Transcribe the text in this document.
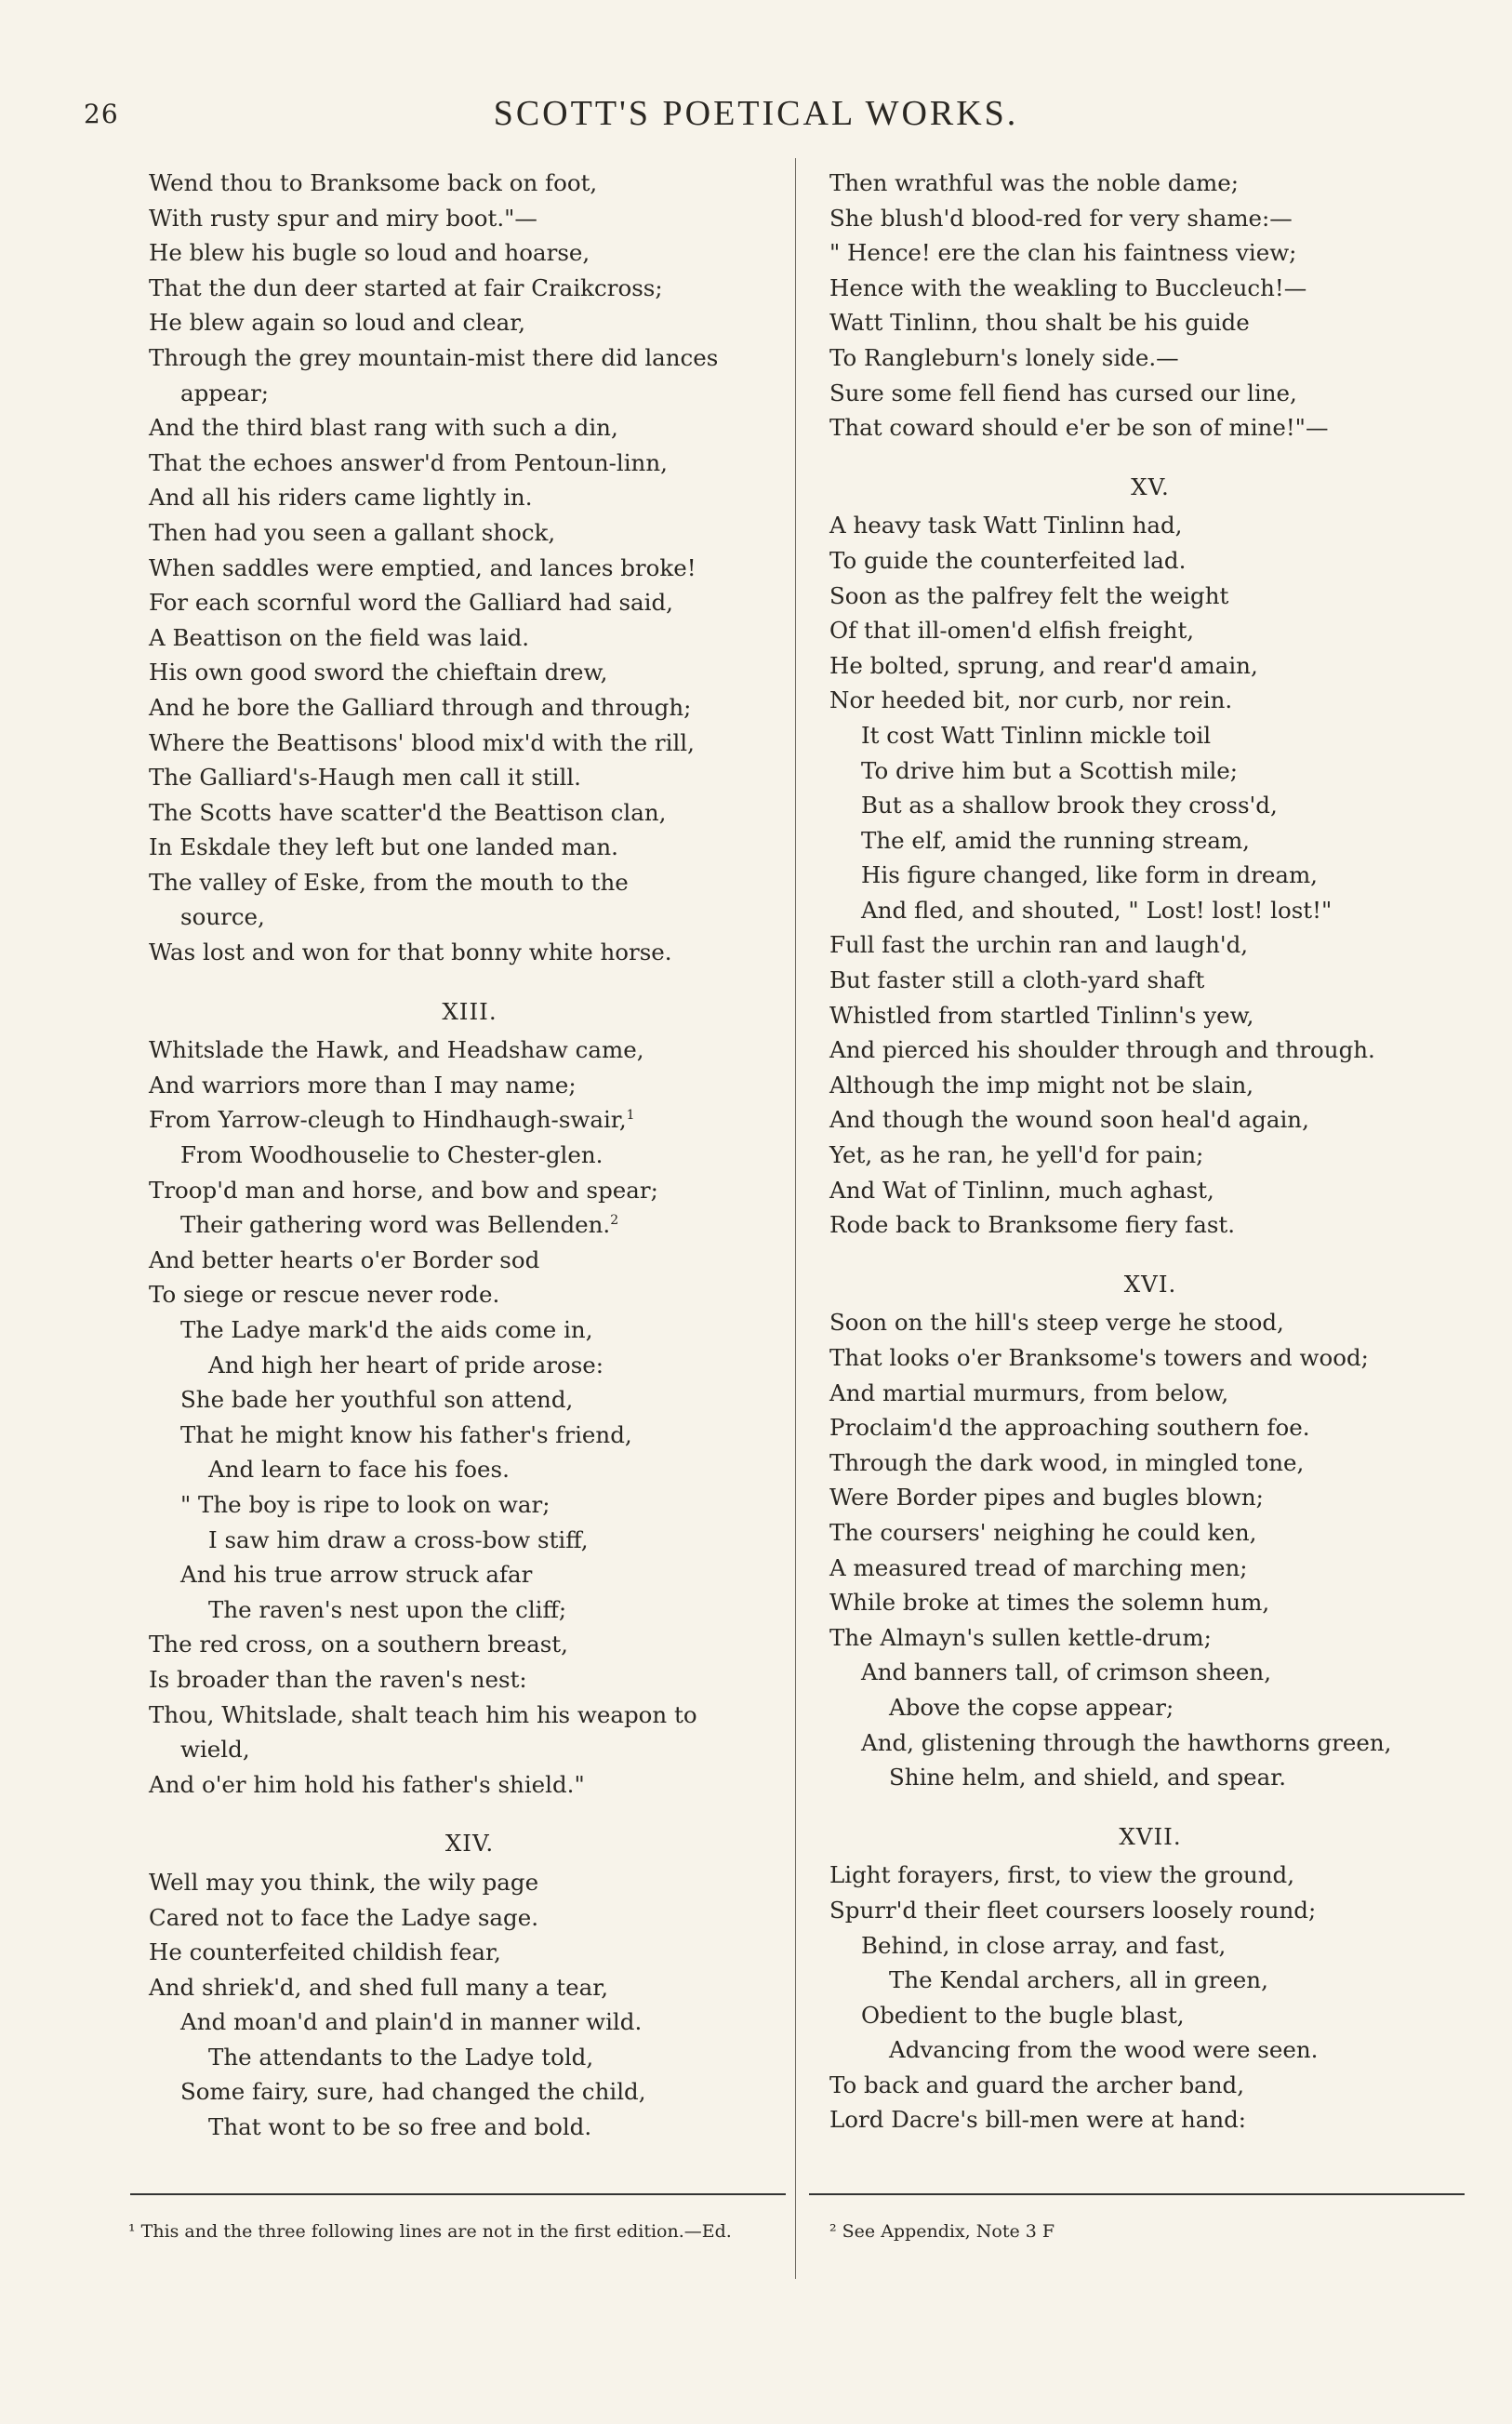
26	SCOTT'S POETICAL WORKS.
Wend thou to Branksome back on foot,
With rusty spur and miry boot."—
He blew his bugle so loud and hoarse,
That the dun deer started at fair Craikcross;
He blew again so loud and clear,
Through the grey mountain-mist there did lances
appear;
And the third blast rang with such a din,
That the echoes answer'd from Pentoun-linn,
And all his riders came lightly in.
Then had you seen a gallant shock,
When saddles were emptied, and lances broke!
For each scornful word the Galliard had said,
A Beattison on the field was laid.
His own good sword the chieftain drew,
And he bore the Galliard through and through;
Where the Beattisons' blood mix'd with the rill,
The Galliard's-Haugh men call it still.
The Scotts have scatter'd the Beattison clan,
In Eskdale they left but one landed man.
The valley of Eske, from the mouth to the
source,
Was lost and won for that bonny white horse.
XIII.
Whitslade the Hawk, and Headshaw came,
And warriors more than I may name;
From Yarrow-cleugh to Hindhaugh-swair,$^1$
From Woodhouselie to Chester-glen.
Troop'd man and horse, and bow and spear;
Their gathering word was Bellenden.$^2$
And better hearts o'er Border sod
To siege or rescue never rode.
The Ladye mark'd the aids come in,
And high her heart of pride arose:
She bade her youthful son attend,
That he might know his father's friend,
And learn to face his foes.
" The boy is ripe to look on war;
I saw him draw a cross-bow stiff,
And his true arrow struck afar
The raven's nest upon the cliff;
The red cross, on a southern breast,
Is broader than the raven's nest:
Thou, Whitslade, shalt teach him his weapon to
wield,
And o'er him hold his father's shield."
XIV.
Well may you think, the wily page
Cared not to face the Ladye sage.
He counterfeited childish fear,
And shriek'd, and shed full many a tear,
And moan'd and plain'd in manner wild.
The attendants to the Ladye told,
Some fairy, sure, had changed the child,
That wont to be so free and bold.
Then wrathful was the noble dame;
She blush'd blood-red for very shame:—
" Hence! ere the clan his faintness view;
Hence with the weakling to Buccleuch!—
Watt Tinlinn, thou shalt be his guide
To Rangleburn's lonely side.—
Sure some fell fiend has cursed our line,
That coward should e'er be son of mine!"—
XV.
A heavy task Watt Tinlinn had,
To guide the counterfeited lad.
Soon as the palfrey felt the weight
Of that ill-omen'd elfish freight,
He bolted, sprung, and rear'd amain,
Nor heeded bit, nor curb, nor rein.
It cost Watt Tinlinn mickle toil
To drive him but a Scottish mile;
But as a shallow brook they cross'd,
The elf, amid the running stream,
His figure changed, like form in dream,
And fled, and shouted, " Lost! lost! lost!"
Full fast the urchin ran and laugh'd,
But faster still a cloth-yard shaft
Whistled from startled Tinlinn's yew,
And pierced his shoulder through and through.
Although the imp might not be slain,
And though the wound soon heal'd again,
Yet, as he ran, he yell'd for pain;
And Wat of Tinlinn, much aghast,
Rode back to Branksome fiery fast.
XVI.
Soon on the hill's steep verge he stood,
That looks o'er Branksome's towers and wood;
And martial murmurs, from below,
Proclaim'd the approaching southern foe.
Through the dark wood, in mingled tone,
Were Border pipes and bugles blown;
The coursers' neighing he could ken,
A measured tread of marching men;
While broke at times the solemn hum,
The Almayn's sullen kettle-drum;
And banners tall, of crimson sheen,
Above the copse appear;
And, glistening through the hawthorns green,
Shine helm, and shield, and spear.
XVII.
Light forayers, first, to view the ground,
Spurr'd their fleet coursers loosely round;
Behind, in close array, and fast,
The Kendal archers, all in green,
Obedient to the bugle blast,
Advancing from the wood were seen.
To back and guard the archer band,
Lord Dacre's bill-men were at hand:
¹ This and the three following lines are not in the first edition.—Ed.	² See Appendix, Note 3 F
